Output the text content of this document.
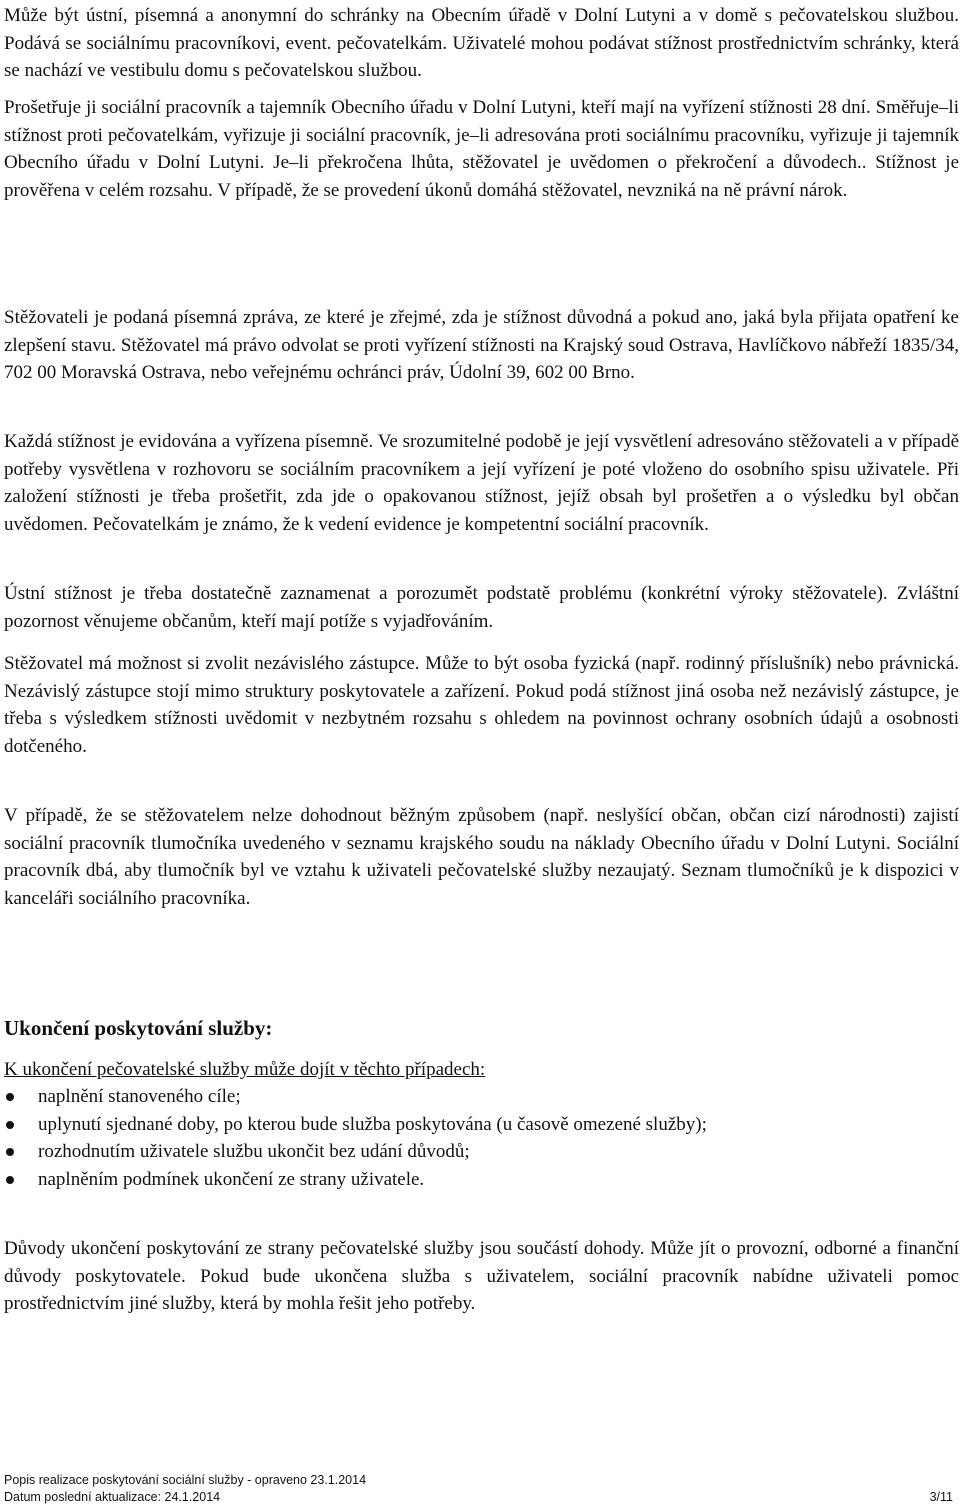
Může být ústní, písemná a anonymní do schránky na Obecním úřadě v Dolní Lutyni a v domě s pečovatelskou službou. Podává se sociálnímu pracovníkovi, event. pečovatelkám. Uživatelé mohou podávat stížnost prostřednictvím schránky, která se nachází ve vestibulu domu s pečovatelskou službou.

Prošetřuje ji sociální pracovník a tajemník Obecního úřadu v Dolní Lutyni, kteří mají na vyřízení stížnosti 28 dní. Směřuje–li stížnost proti pečovatelkám, vyřizuje ji sociální pracovník, je–li adresována proti sociálnímu pracovníku, vyřizuje ji tajemník Obecního úřadu v Dolní Lutyni. Je–li překročena lhůta, stěžovatel je uvědomen o překročení a důvodech.. Stížnost je prověřena v celém rozsahu. V případě, že se provedení úkonů domáhá stěžovatel, nevzniká na ně právní nárok.

Stěžovateli je podaná písemná zpráva, ze které je zřejmé, zda je stížnost důvodná a pokud ano, jaká byla přijata opatření ke zlepšení stavu. Stěžovatel má právo odvolat se proti vyřízení stížnosti na Krajský soud Ostrava, Havlíčkovo nábřeží 1835/34, 702 00 Moravská Ostrava, nebo veřejnému ochránci práv, Údolní 39, 602 00 Brno.

Každá stížnost je evidována a vyřízena písemně. Ve srozumitelné podobě je její vysvětlení adresováno stěžovateli a v případě potřeby vysvětlena v rozhovoru se sociálním pracovníkem a její vyřízení je poté vloženo do osobního spisu uživatele. Při založení stížnosti je třeba prošetřit, zda jde o opakovanou stížnost, jejíž obsah byl prošetřen a o výsledku byl občan uvědomen. Pečovatelkám je známo, že k vedení evidence je kompetentní sociální pracovník.

Ústní stížnost je třeba dostatečně zaznamenat a porozumět podstatě problému (konkrétní výroky stěžovatele). Zvláštní pozornost věnujeme občanům, kteří mají potíže s vyjadřováním.

Stěžovatel má možnost si zvolit nezávislého zástupce. Může to být osoba fyzická (např. rodinný příslušník) nebo právnická. Nezávislý zástupce stojí mimo struktury poskytovatele a zařízení. Pokud podá stížnost jiná osoba než nezávislý zástupce, je třeba s výsledkem stížnosti uvědomit v nezbytném rozsahu s ohledem na povinnost ochrany osobních údajů a osobnosti dotčeného.

V případě, že se stěžovatelem nelze dohodnout běžným způsobem (např. neslyšící občan, občan cizí národnosti) zajistí sociální pracovník tlumočníka uvedeného v seznamu krajského soudu na náklady Obecního úřadu v Dolní Lutyni. Sociální pracovník dbá, aby tlumočník byl ve vztahu k uživateli pečovatelské služby nezaujatý. Seznam tlumočníků je k dispozici v kanceláři sociálního pracovníka.

Ukončení poskytování služby:

K ukončení pečovatelské služby může dojít v těchto případech:

naplnění stanoveného cíle;
uplynutí sjednané doby, po kterou bude služba poskytována (u časově omezené služby);
rozhodnutím uživatele službu ukončit bez udání důvodů;
naplněním podmínek ukončení ze strany uživatele.

Důvody ukončení poskytování ze strany pečovatelské služby jsou součástí dohody. Může jít o provozní, odborné a finanční důvody poskytovatele. Pokud bude ukončena služba s uživatelem, sociální pracovník nabídne uživateli pomoc prostřednictvím jiné služby, která by mohla řešit jeho potřeby.

Popis realizace poskytování sociální služby - opraveno 23.1.2014
Datum poslední aktualizace: 24.1.2014	3/11
